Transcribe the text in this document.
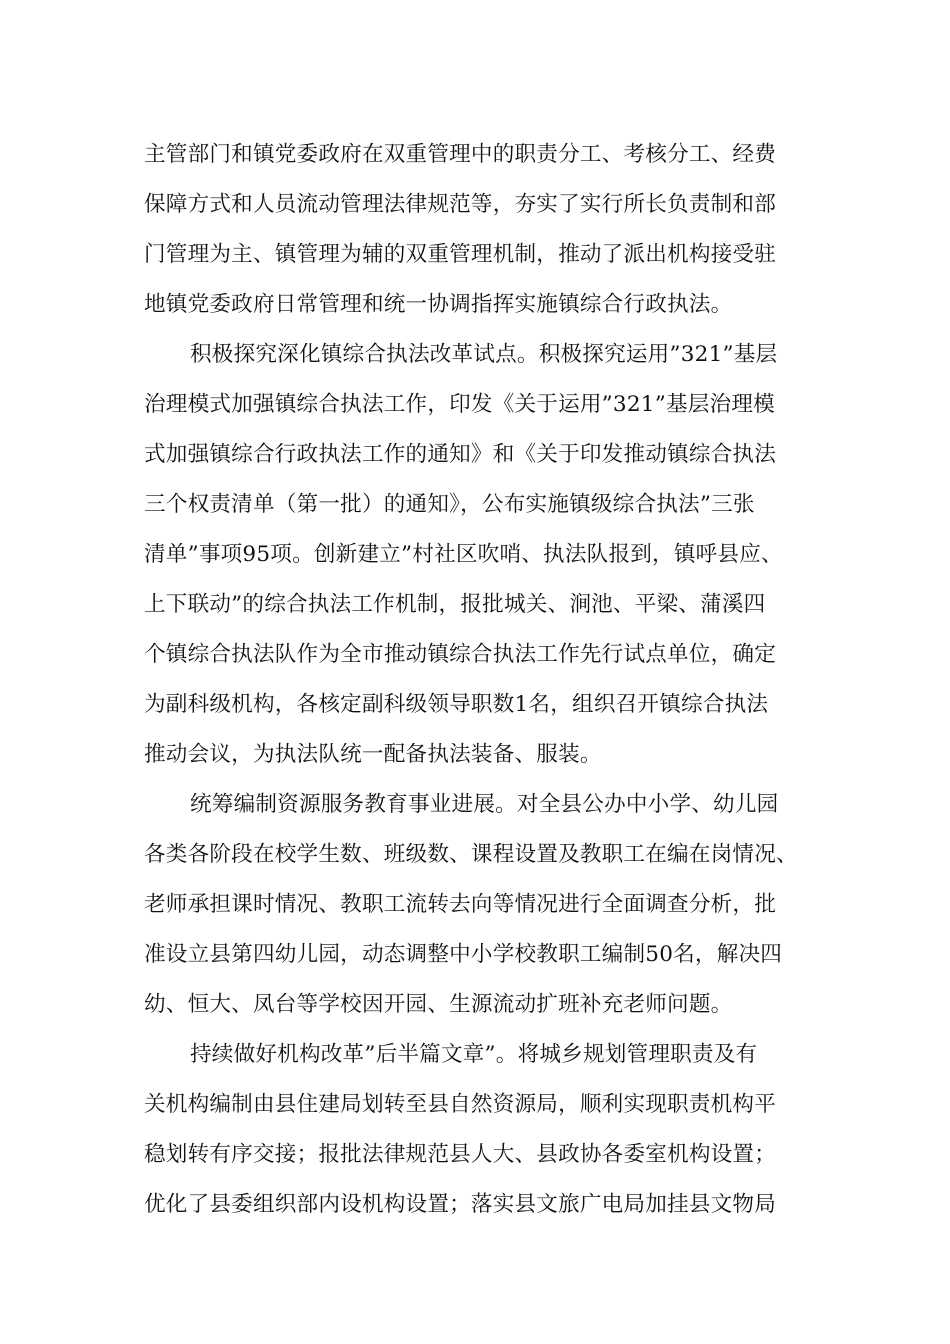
主管部门和镇党委政府在双重管理中的职责分工、考核分工、经费
保障方式和人员流动管理法律规范等，夯实了实行所长负责制和部
门管理为主、镇管理为辅的双重管理机制，推动了派出机构接受驻
地镇党委政府日常管理和统一协调指挥实施镇综合行政执法。
积极探究深化镇综合执法改革试点。积极探究运用”321”基层
治理模式加强镇综合执法工作，印发《关于运用”321”基层治理模
式加强镇综合行政执法工作的通知》和《关于印发推动镇综合执法
三个权责清单（第一批）的通知》，公布实施镇级综合执法”三张
清单”事项95项。创新建立”村社区吹哨、执法队报到，镇呼县应、
上下联动”的综合执法工作机制，报批城关、涧池、平梁、蒲溪四
个镇综合执法队作为全市推动镇综合执法工作先行试点单位，确定
为副科级机构，各核定副科级领导职数1名，组织召开镇综合执法
推动会议，为执法队统一配备执法装备、服装。
统筹编制资源服务教育事业进展。对全县公办中小学、幼儿园
各类各阶段在校学生数、班级数、课程设置及教职工在编在岗情况、
老师承担课时情况、教职工流转去向等情况进行全面调查分析，批
准设立县第四幼儿园，动态调整中小学校教职工编制50名，解决四
幼、恒大、凤台等学校因开园、生源流动扩班补充老师问题。
持续做好机构改革”后半篇文章”。将城乡规划管理职责及有
关机构编制由县住建局划转至县自然资源局，顺利实现职责机构平
稳划转有序交接；报批法律规范县人大、县政协各委室机构设置；
优化了县委组织部内设机构设置；落实县文旅广电局加挂县文物局
